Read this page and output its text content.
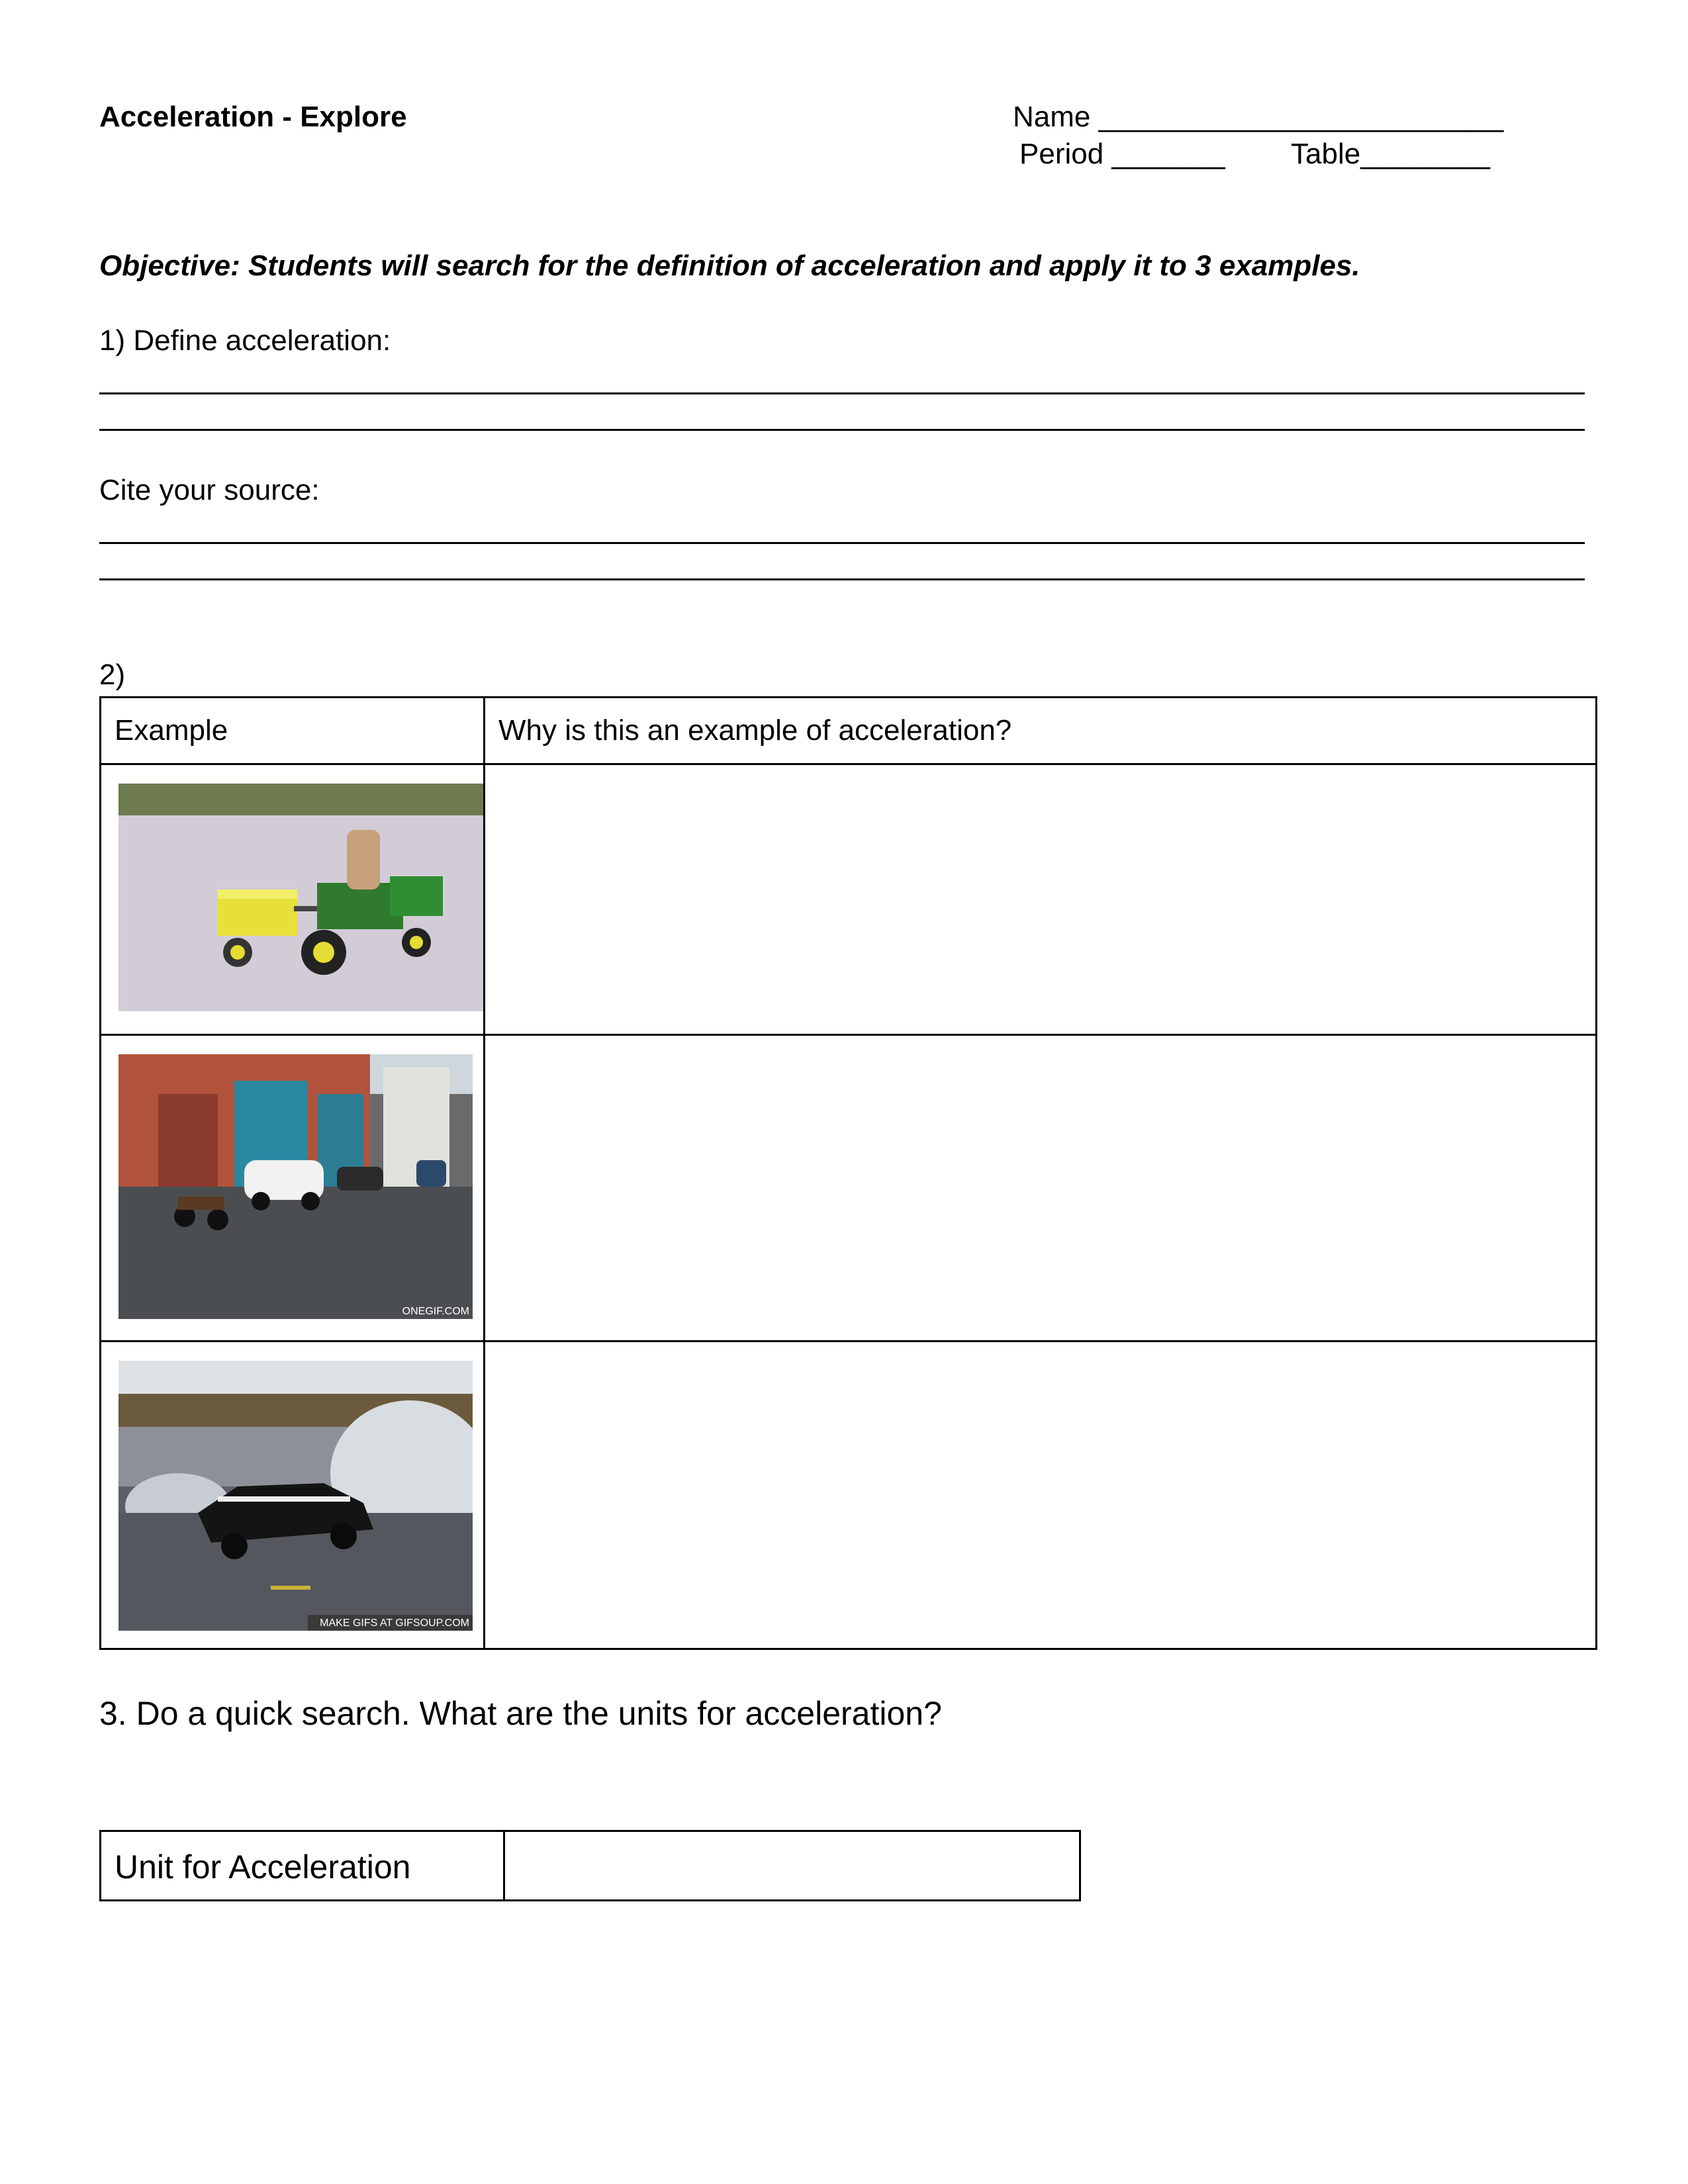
Acceleration - Explore	Name _________________________
Period _______ Table________
Objective: Students will search for the definition of acceleration and apply it to 3 examples.
1) Define acceleration:
Cite your source:
2)
Example	Why is this an example of acceleration?

ONEGIF.COM	

MAKE GIFS AT GIFSOUP.COM	

3. Do a quick search. What are the units for acceleration?
Unit for Acceleration
